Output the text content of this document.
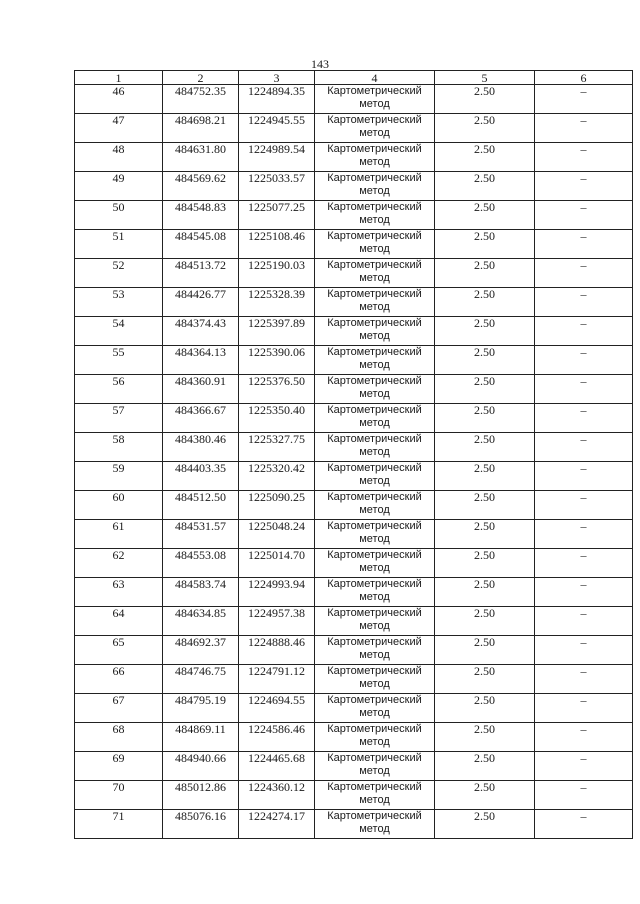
143
1	2	3	4	5	6
46	484752.35	1224894.35	Картометрический метод	2.50	–
47	484698.21	1224945.55	Картометрический метод	2.50	–
48	484631.80	1224989.54	Картометрический метод	2.50	–
49	484569.62	1225033.57	Картометрический метод	2.50	–
50	484548.83	1225077.25	Картометрический метод	2.50	–
51	484545.08	1225108.46	Картометрический метод	2.50	–
52	484513.72	1225190.03	Картометрический метод	2.50	–
53	484426.77	1225328.39	Картометрический метод	2.50	–
54	484374.43	1225397.89	Картометрический метод	2.50	–
55	484364.13	1225390.06	Картометрический метод	2.50	–
56	484360.91	1225376.50	Картометрический метод	2.50	–
57	484366.67	1225350.40	Картометрический метод	2.50	–
58	484380.46	1225327.75	Картометрический метод	2.50	–
59	484403.35	1225320.42	Картометрический метод	2.50	–
60	484512.50	1225090.25	Картометрический метод	2.50	–
61	484531.57	1225048.24	Картометрический метод	2.50	–
62	484553.08	1225014.70	Картометрический метод	2.50	–
63	484583.74	1224993.94	Картометрический метод	2.50	–
64	484634.85	1224957.38	Картометрический метод	2.50	–
65	484692.37	1224888.46	Картометрический метод	2.50	–
66	484746.75	1224791.12	Картометрический метод	2.50	–
67	484795.19	1224694.55	Картометрический метод	2.50	–
68	484869.11	1224586.46	Картометрический метод	2.50	–
69	484940.66	1224465.68	Картометрический метод	2.50	–
70	485012.86	1224360.12	Картометрический метод	2.50	–
71	485076.16	1224274.17	Картометрический метод	2.50	–
